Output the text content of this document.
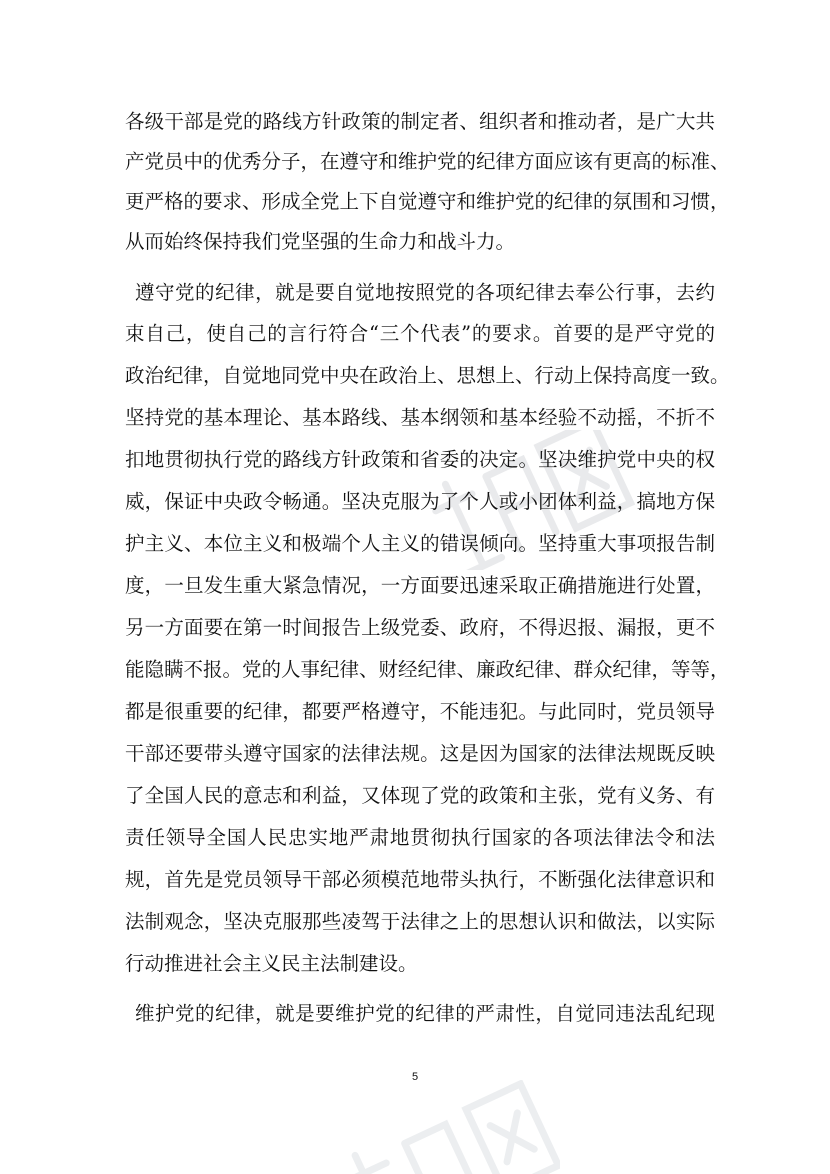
各级干部是党的路线方针政策的制定者、组织者和推动者，是广大共
产党员中的优秀分子，在遵守和维护党的纪律方面应该有更高的标准、
更严格的要求、形成全党上下自觉遵守和维护党的纪律的氛围和习惯，
从而始终保持我们党坚强的生命力和战斗力。
遵守党的纪律，就是要自觉地按照党的各项纪律去奉公行事，去约
束自己，使自己的言行符合“三个代表”的要求。首要的是严守党的
政治纪律，自觉地同党中央在政治上、思想上、行动上保持高度一致。
坚持党的基本理论、基本路线、基本纲领和基本经验不动摇，不折不
扣地贯彻执行党的路线方针政策和省委的决定。坚决维护党中央的权
威，保证中央政令畅通。坚决克服为了个人或小团体利益，搞地方保
护主义、本位主义和极端个人主义的错误倾向。坚持重大事项报告制
度，一旦发生重大紧急情况，一方面要迅速采取正确措施进行处置，
另一方面要在第一时间报告上级党委、政府，不得迟报、漏报，更不
能隐瞒不报。党的人事纪律、财经纪律、廉政纪律、群众纪律，等等，
都是很重要的纪律，都要严格遵守，不能违犯。与此同时，党员领导
干部还要带头遵守国家的法律法规。这是因为国家的法律法规既反映
了全国人民的意志和利益，又体现了党的政策和主张，党有义务、有
责任领导全国人民忠实地严肃地贯彻执行国家的各项法律法令和法
规，首先是党员领导干部必须模范地带头执行，不断强化法律意识和
法制观念，坚决克服那些凌驾于法律之上的思想认识和做法，以实际
行动推进社会主义民主法制建设。
维护党的纪律，就是要维护党的纪律的严肃性，自觉同违法乱纪现
5
